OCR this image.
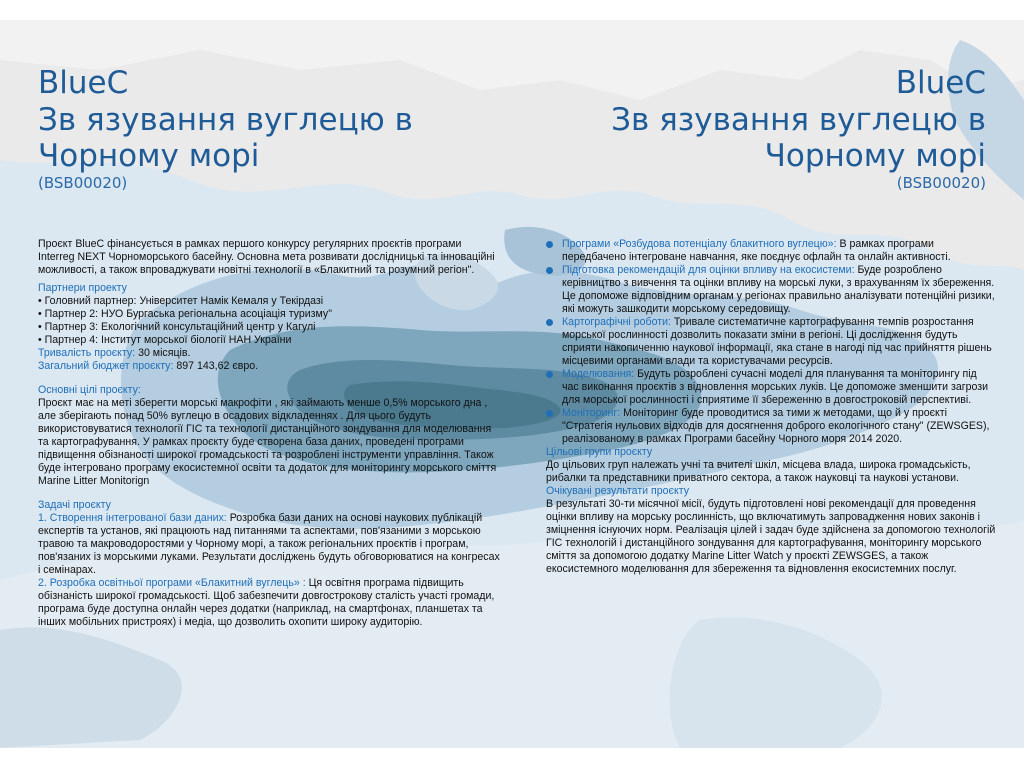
BlueC
Зв язування вуглецю в
Чорному морі
(BSB00020)
BlueC
Зв язування вуглецю в
Чорному морі
(BSB00020)

Проєкт BlueC фінансується в рамках першого конкурсу регулярних проєктів програми Interreg NEXT Чорноморського басейну. Основна мета розвивати дослідницькі та інноваційні можливості, а також впроваджувати новітні технології в «Блакитний та розумний регіон".

Партнери проекту

• Головний партнер: Університет Намік Кемаля у Текірдазі
• Партнер 2: НУО Бургаська регіональна асоціація туризму"
• Партнер 3: Екологічний консультаційний центр у Кагулі
• Партнер 4: Інститут морської біології НАН України

Тривалість проєкту: 30 місяців.

Загальний бюджет проєкту: 897 143,62 євро.

Основні цілі проєкту:

Проєкт має на меті зберегти морські макрофіти , які займають менше 0,5% морського дна , але зберігають понад 50% вуглецю в осадових відкладеннях . Для цього будуть використовуватися технології ГІС та технології дистанційного зондування для моделювання та картографування. У рамках проєкту буде створена база даних, проведені програми підвищення обізнаності широкої громадськості та розроблені інструменти управління. Також буде інтегровано програму екосистемної освіти та додаток для моніторингу морського сміття Marine Litter Monitorign

Задачі проєкту

1. Створення інтегрованої бази даних: Розробка бази даних на основі наукових публікацій експертів та установ, які працюють над питаннями та аспектами, пов'язаними з морською травою та макроводоростями у Чорному морі, а також регіональних проєктів і програм, пов'язаних із морськими луками. Результати досліджень будуть обговорюватися на конгресах і семінарах.

2. Розробка освітньої програми «Блакитний вуглець» : Ця освітня програма підвищить обізнаність широкої громадськості. Щоб забезпечити довгострокову сталість участі громади, програма буде доступна онлайн через додатки (наприклад, на смартфонах, планшетах та інших мобільних пристроях) і медіа, що дозволить охопити широку аудиторію.

Програми «Розбудова потенціалу блакитного вуглецю»: В рамках програми передбачено інтегроване навчання, яке поєднує офлайн та онлайн активності.
Підготовка рекомендацій для оцінки впливу на екосистеми: Буде розроблено керівництво з вивчення та оцінки впливу на морські луки, з врахуванням їх збереження. Це допоможе відповідним органам у регіонах правильно аналізувати потенційні ризики, які можуть зашкодити морському середовищу.
Картографічні роботи: Тривале систематичне картографування темпів розростання морської рослинності дозволить показати зміни в регіоні. Ці дослідження будуть сприяти накопиченню наукової інформації, яка стане в нагоді під час прийняття рішень місцевими органами влади та користувачами ресурсів.
Моделювання: Будуть розроблені сучасні моделі для планування та моніторингу під час виконання проєктів з відновлення морських луків. Це допоможе зменшити загрози для морської рослинності і сприятиме її збереженню в довгостроковій перспективі.
Моніторинг: Моніторинг буде проводитися за тими ж методами, що й у проєкті "Стратегія нульових відходів для досягнення доброго екологічного стану" (ZEWSGES), реалізованому в рамках Програми басейну Чорного моря 2014 2020.

Цільові групи проєкту

До цільових груп належать учні та вчителі шкіл, місцева влада, широка громадськість, рибалки та представники приватного сектора, а також науковці та наукові установи.

Очікувані результати проєкту

В результаті 30-ти місячної місії, будуть підготовлені нові рекомендації для проведення оцінки впливу на морську рослинність, що включатимуть запровадження нових законів і зміцнення існуючих норм. Реалізація цілей і задач буде здійснена за допомогою технологій ГІС технологій і дистанційного зондування для картографування, моніторингу морського сміття за допомогою додатку Marine Litter Watch у проєкті ZEWSGES, а також екосистемного моделювання для збереження та відновлення екосистемних послуг.
